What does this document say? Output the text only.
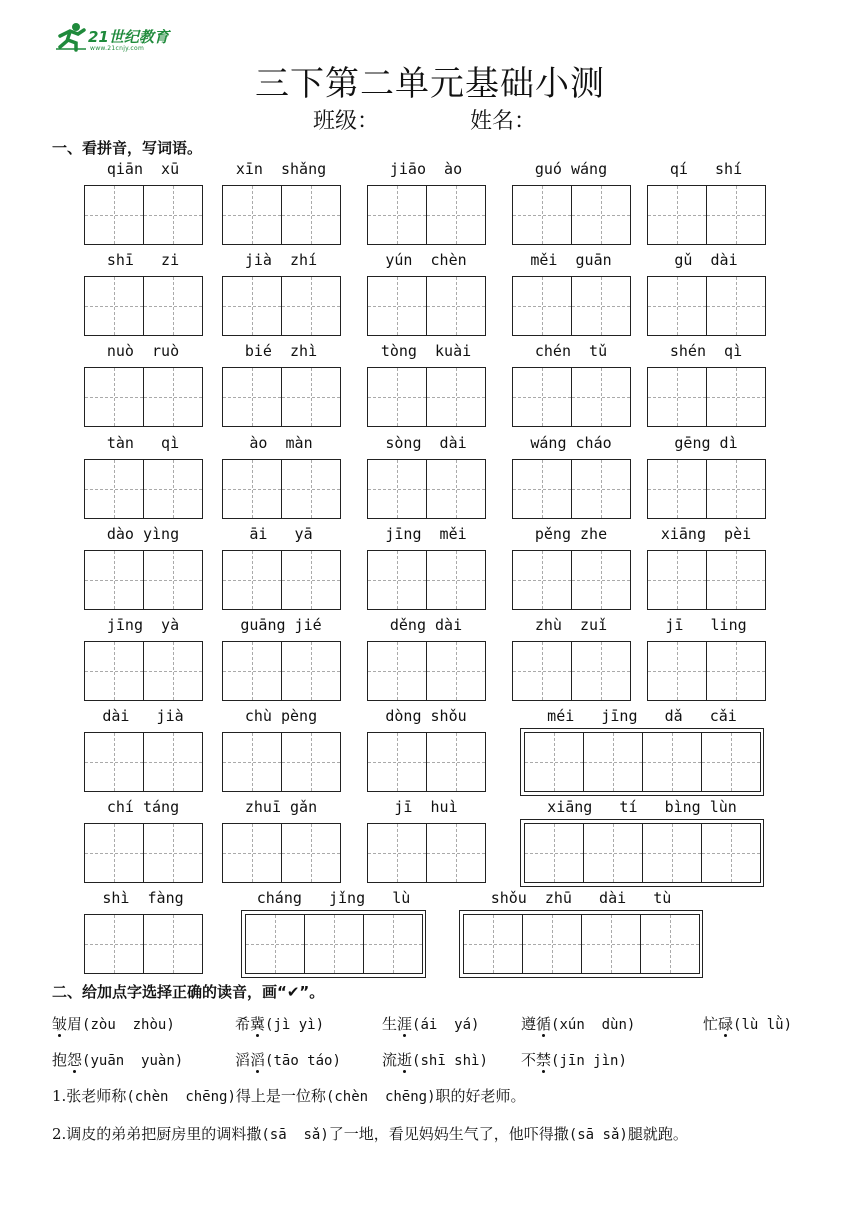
21世纪教育
www.21cnjy.com
三下第二单元基础小测
班级：	姓名：
一、看拼音，写词语。
qiān  xū	xīn  shǎng	jiāo  ào	guó wáng	qí   shí
shī   zi	jià  zhí	yún  chèn	měi  guān	gǔ  dài
nuò  ruò	bié  zhì	tòng  kuài	chén  tǔ	shén  qì
tàn   qì	ào  màn	sòng  dài	wáng cháo	gēng dì
dào yìng	āi   yā	jīng  měi	pěng zhe	xiāng  pèi
jīng  yà	guāng jié	děng dài	zhù  zuǐ	jī   ling
dài   jià	chù pèng	dòng shǒu	méi   jīng   dǎ   cǎi
chí táng	zhuī gǎn	jī  huì	xiāng   tí   bìng lùn
shì  fàng	cháng   jǐng   lù	shǒu  zhū   dài   tù
二、给加点字选择正确的读音，画“✔”。
皱眉(zòu  zhòu)	希冀(jì yì)	生涯(ái  yá)	遵循(xún  dùn)	忙碌(lù lǜ)
抱怨(yuān  yuàn)	滔滔(tāo táo)	流逝(shī shì) 不禁(jīn jìn)
1.张老师称(chèn  chēng)得上是一位称(chèn  chēng)职的好老师。
2.调皮的弟弟把厨房里的调料撒(sā  sǎ)了一地，看见妈妈生气了，他吓得撒(sā sǎ)腿就跑。
